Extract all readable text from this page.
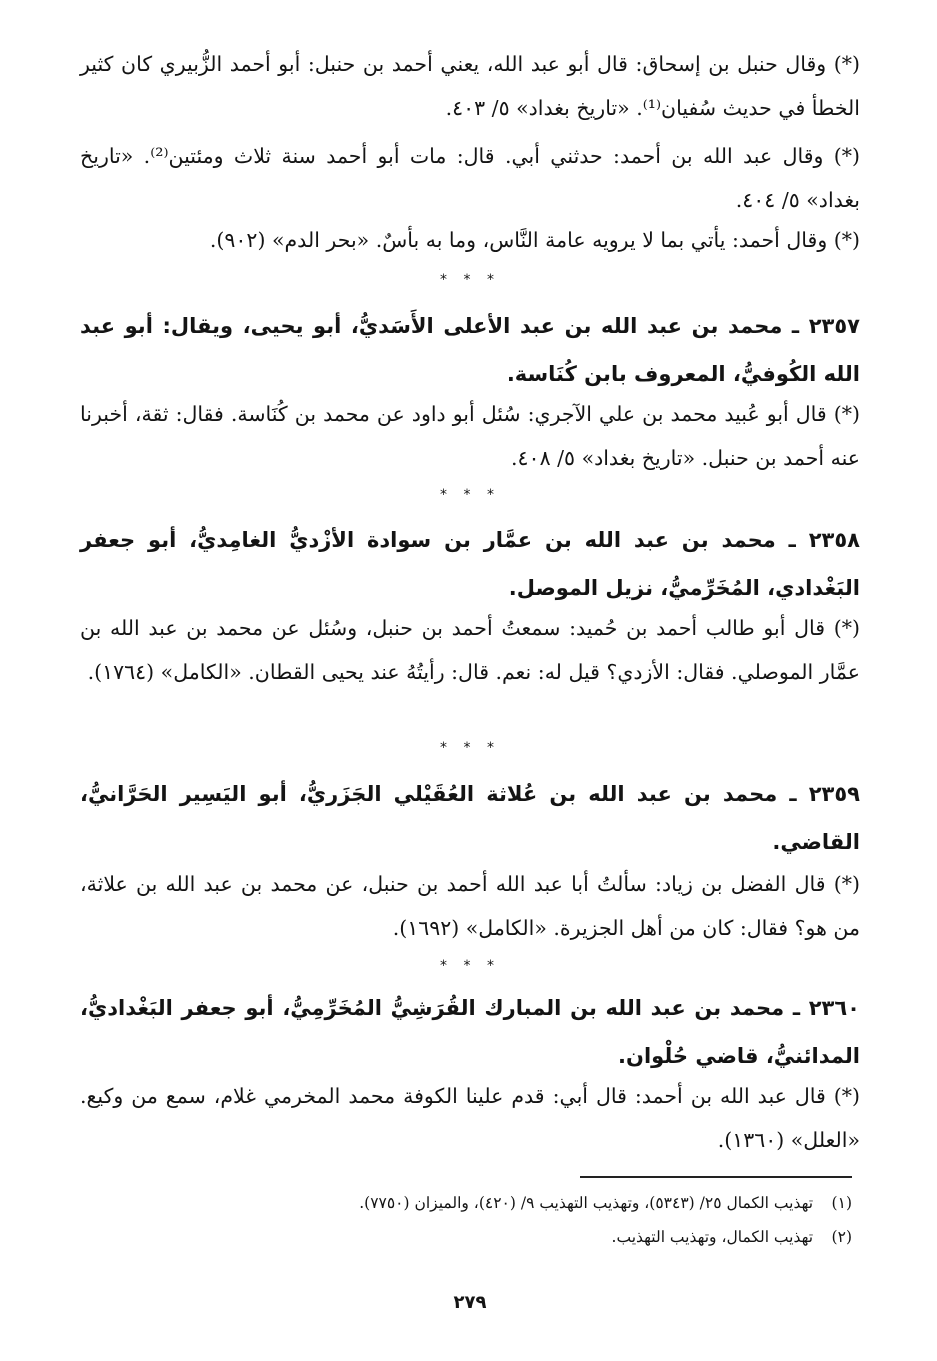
(*) وقال حنبل بن إسحاق: قال أبو عبد الله، يعني أحمد بن حنبل: أبو أحمد الزُّبيري كان كثير الخطأ في حديث سُفيان⁽¹⁾. «تاريخ بغداد» ٥/ ٤٠٣.

(*) وقال عبد الله بن أحمد: حدثني أبي. قال: مات أبو أحمد سنة ثلاث ومئتين⁽²⁾. «تاريخ بغداد» ٥/ ٤٠٤.

(*) وقال أحمد: يأتي بما لا يرويه عامة النَّاس، وما به بأسٌ. «بحر الدم» (٩٠٢).

* * *

٢٣٥٧ ـ محمد بن عبد الله بن عبد الأعلى الأَسَديُّ، أبو يحيى، ويقال: أبو عبد الله الكُوفيُّ، المعروف بابن كُنَاسة.

(*) قال أبو عُبيد محمد بن علي الآجري: سُئل أبو داود عن محمد بن كُنَاسة. فقال: ثقة، أخبرنا عنه أحمد بن حنبل. «تاريخ بغداد» ٥/ ٤٠٨.

* * *

٢٣٥٨ ـ محمد بن عبد الله بن عمَّار بن سوادة الأزْديُّ الغامِديُّ، أبو جعفر البَغْدادي، المُخَرِّميُّ، نزيل الموصل.

(*) قال أبو طالب أحمد بن حُميد: سمعتُ أحمد بن حنبل، وسُئل عن محمد بن عبد الله بن عمَّار الموصلي. فقال: الأزدي؟ قيل له: نعم. قال: رأيتُهُ عند يحيى القطان. «الكامل» (١٧٦٤).

* * *

٢٣٥٩ ـ محمد بن عبد الله بن عُلاثة العُقَيْلي الجَزَريُّ، أبو اليَسِير الحَرَّانيُّ، القاضي.

(*) قال الفضل بن زياد: سألتُ أبا عبد الله أحمد بن حنبل، عن محمد بن عبد الله بن علاثة، من هو؟ فقال: كان من أهل الجزيرة. «الكامل» (١٦٩٢).

* * *

٢٣٦٠ ـ محمد بن عبد الله بن المبارك القُرَشِيُّ المُخَرِّمِيُّ، أبو جعفر البَغْداديُّ، المدائنيُّ، قاضي حُلْوان.

(*) قال عبد الله بن أحمد: قال أبي: قدم علينا الكوفة محمد المخرمي غلام، سمع من وكيع. «العلل» (١٣٦٠).

(١) تهذيب الكمال ٢٥/ (٥٣٤٣)، وتهذيب التهذيب ٩/ (٤٢٠)، والميزان (٧٧٥٠).

(٢) تهذيب الكمال، وتهذيب التهذيب.

٢٧٩
